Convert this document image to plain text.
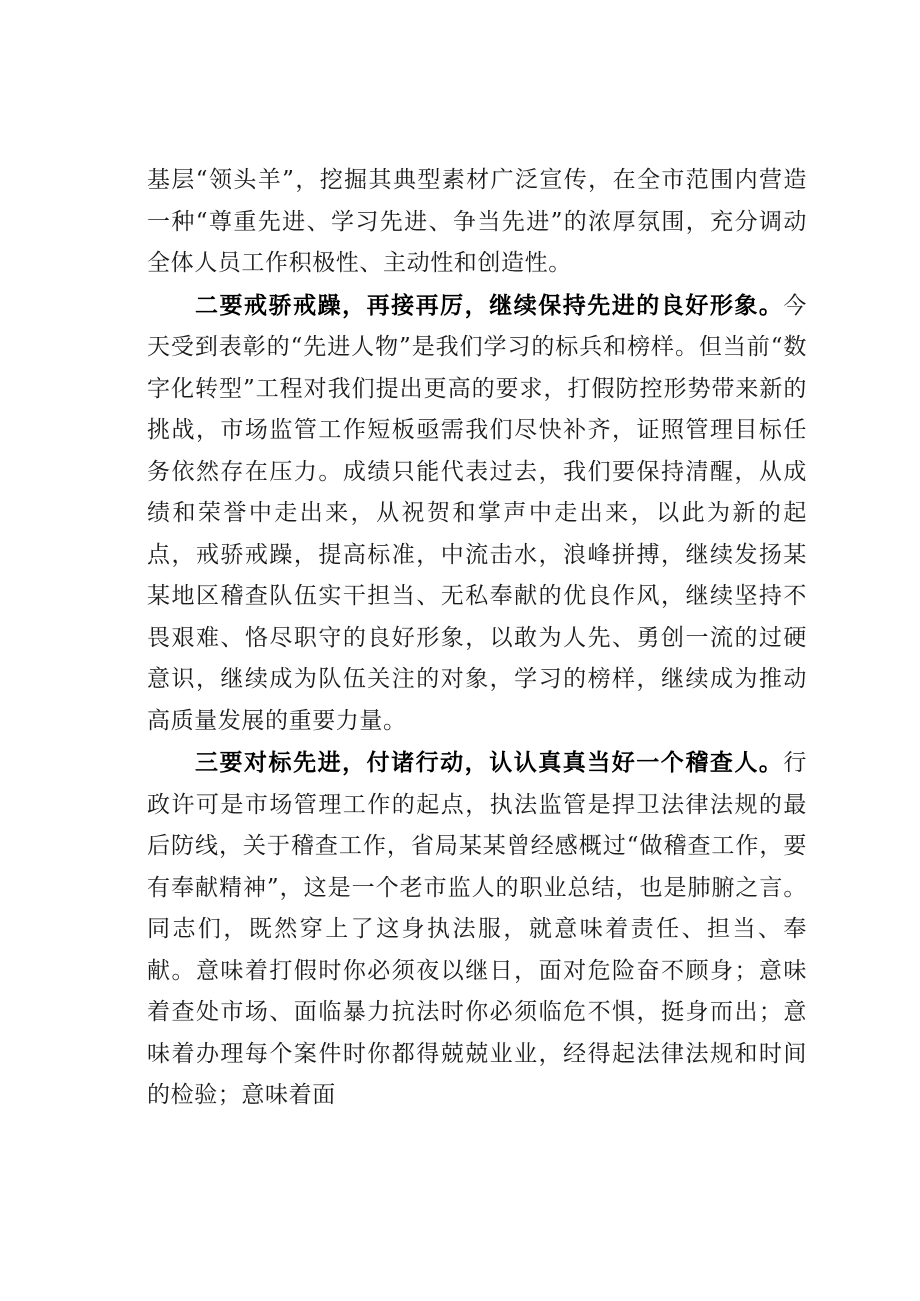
基层“领头羊”，挖掘其典型素材广泛宣传，在全市范围内营造一种“尊重先进、学习先进、争当先进”的浓厚氛围，充分调动全体人员工作积极性、主动性和创造性。

二要戒骄戒躁，再接再厉，继续保持先进的良好形象。今天受到表彰的“先进人物”是我们学习的标兵和榜样。但当前“数字化转型”工程对我们提出更高的要求，打假防控形势带来新的挑战，市场监管工作短板亟需我们尽快补齐，证照管理目标任务依然存在压力。成绩只能代表过去，我们要保持清醒，从成绩和荣誉中走出来，从祝贺和掌声中走出来，以此为新的起点，戒骄戒躁，提高标准，中流击水，浪峰拼搏，继续发扬某某地区稽查队伍实干担当、无私奉献的优良作风，继续坚持不畏艰难、恪尽职守的良好形象，以敢为人先、勇创一流的过硬意识，继续成为队伍关注的对象，学习的榜样，继续成为推动高质量发展的重要力量。

三要对标先进，付诸行动，认认真真当好一个稽查人。行政许可是市场管理工作的起点，执法监管是捍卫法律法规的最后防线，关于稽查工作，省局某某曾经感概过“做稽查工作，要有奉献精神”，这是一个老市监人的职业总结，也是肺腑之言。同志们，既然穿上了这身执法服，就意味着责任、担当、奉献。意味着打假时你必须夜以继日，面对危险奋不顾身；意味着查处市场、面临暴力抗法时你必须临危不惧，挺身而出；意味着办理每个案件时你都得兢兢业业，经得起法律法规和时间的检验；意味着面
